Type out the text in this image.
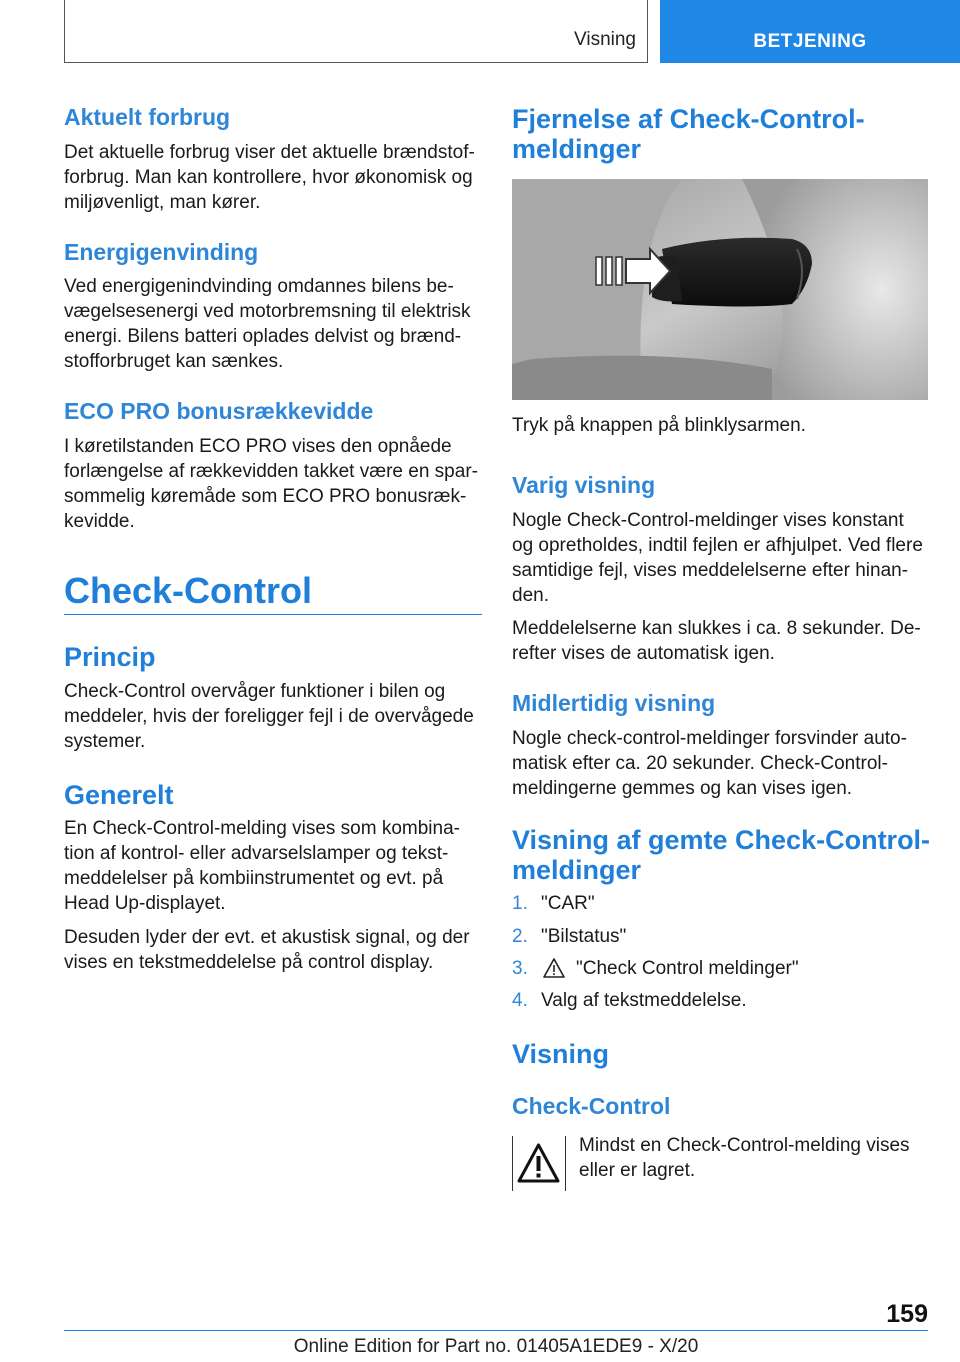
Visning	BETJENING
Aktuelt forbrug
Det aktuelle forbrug viser det aktuelle brændstof-
forbrug. Man kan kontrollere, hvor økonomisk og
miljøvenligt, man kører.
Energigenvinding
Ved energigenindvinding omdannes bilens be-
vægelsesenergi ved motorbremsning til elektrisk
energi. Bilens batteri oplades delvist og brænd-
stofforbruget kan sænkes.
ECO PRO bonusrækkevidde
I køretilstanden ECO PRO vises den opnåede
forlængelse af rækkevidden takket være en spar-
sommelig køremåde som ECO PRO bonusræk-
kevidde.
Check-Control
Princip
Check-Control overvåger funktioner i bilen og
meddeler, hvis der foreligger fejl i de overvågede
systemer.
Generelt
En Check-Control-melding vises som kombina-
tion af kontrol- eller advarselslamper og tekst-
meddelelser på kombiinstrumentet og evt. på
Head Up-displayet.
Desuden lyder der evt. et akustisk signal, og der
vises en tekstmeddelelse på control display.
Fjernelse af Check-Control-
meldinger
Tryk på knappen på blinklysarmen.
Varig visning
Nogle Check-Control-meldinger vises konstant
og opretholdes, indtil fejlen er afhjulpet. Ved flere
samtidige fejl, vises meddelelserne efter hinan-
den.
Meddelelserne kan slukkes i ca. 8 sekunder. De-
refter vises de automatisk igen.
Midlertidig visning
Nogle check-control-meldinger forsvinder auto-
matisk efter ca. 20 sekunder. Check-Control-
meldingerne gemmes og kan vises igen.
Visning af gemte Check-Control-
meldinger
1. "CAR"
2. "Bilstatus"
3.	"Check Control meldinger"
4. Valg af tekstmeddelelse.
Visning
Check-Control
Mindst en Check-Control-melding vises
eller er lagret.
159
Online Edition for Part no. 01405A1EDE9 - X/20
